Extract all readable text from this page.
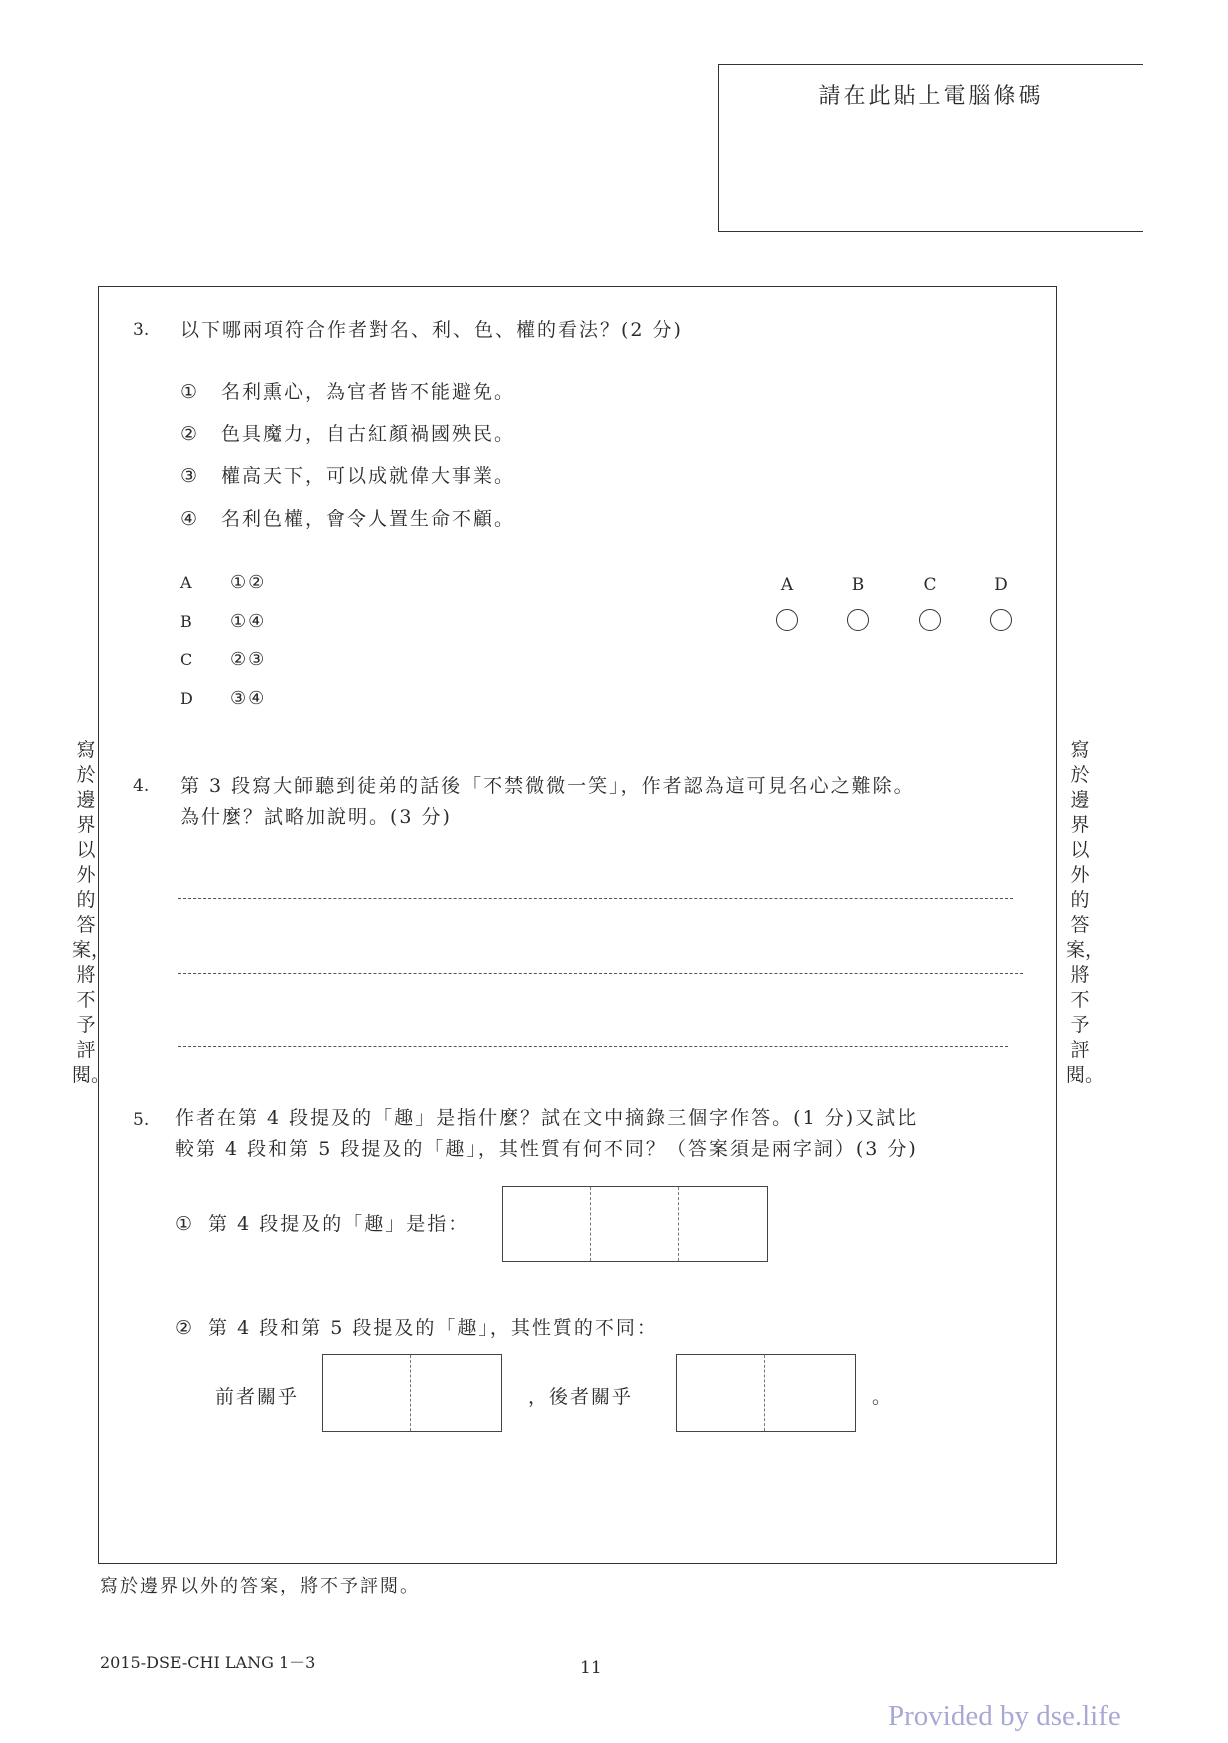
請在此貼上電腦條碼
3. 以下哪兩項符合作者對名、利、色、權的看法？(2 分)
① 名利熏心，為官者皆不能避免。
② 色具魔力，自古紅顏禍國殃民。
③ 權高天下，可以成就偉大事業。
④ 名利色權，會令人置生命不顧。
A ①②
B ①④
C ②③
D ③④
A	B	C	D
4. 第 3 段寫大師聽到徒弟的話後「不禁微微一笑」，作者認為這可見名心之難除。
為什麼？試略加說明。(3 分)
5. 作者在第 4 段提及的「趣」是指什麼？試在文中摘錄三個字作答。(1 分)又試比
較第 4 段和第 5 段提及的「趣」，其性質有何不同？（答案須是兩字詞）(3 分)
① 第 4 段提及的「趣」是指：
② 第 4 段和第 5 段提及的「趣」，其性質的不同：
前者關乎	，後者關乎	。
寫於邊界以外的答案，將不予評閱。
寫於邊界以外的答案，將不予評閱。
寫於邊界以外的答案，將不予評閱。
2015-DSE-CHI LANG 1－3	11
Provided by dse.life
